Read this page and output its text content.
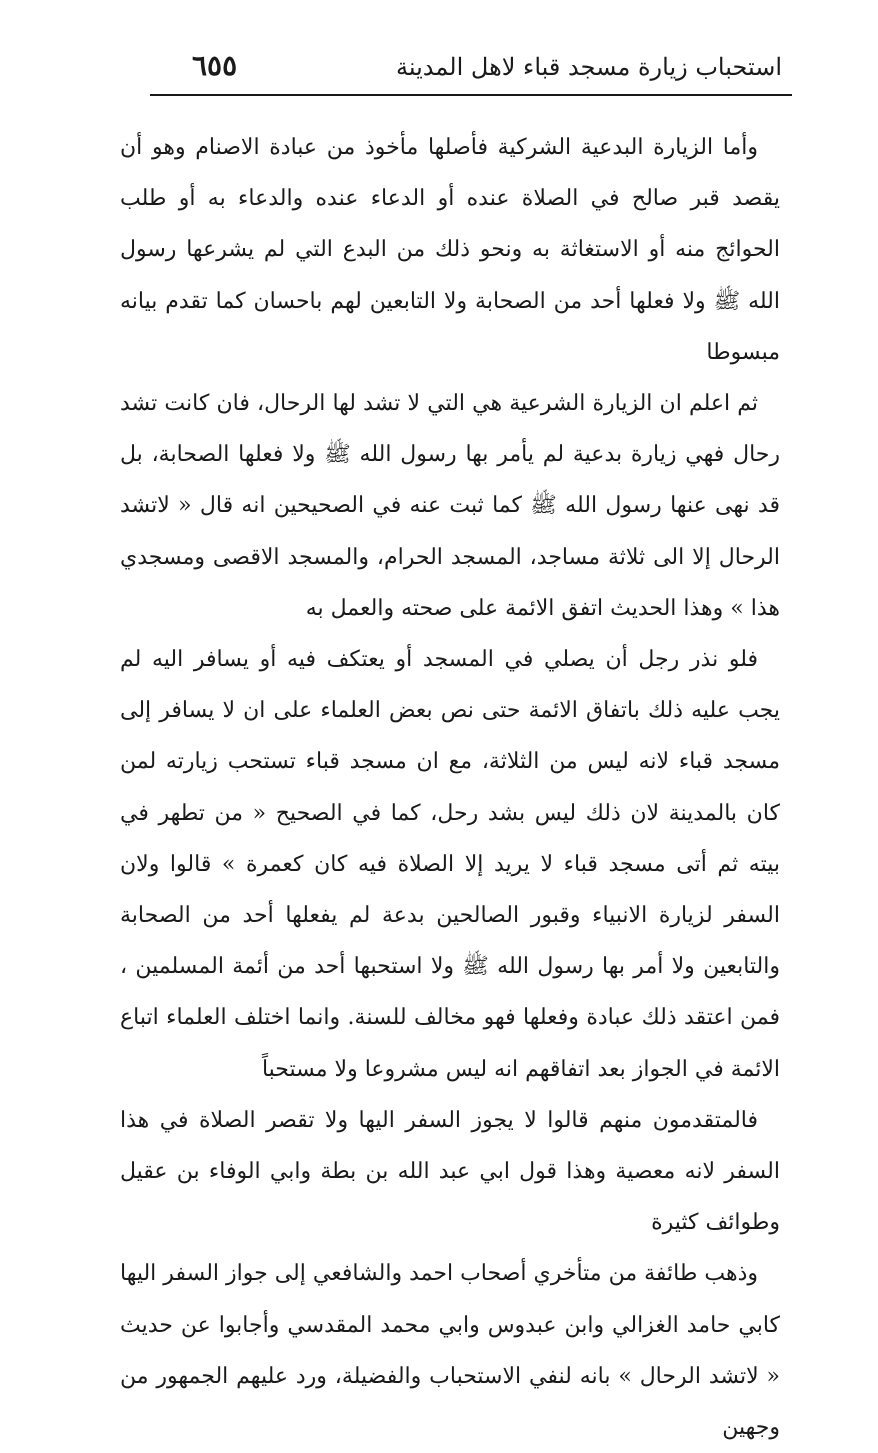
استحباب زيارة مسجد قباء لاهل المدينة
٦٥٥

وأما الزيارة البدعية الشركية فأصلها مأخوذ من عبادة الاصنام وهو أن يقصد قبر صالح في الصلاة عنده أو الدعاء عنده والدعاء به أو طلب الحوائج منه أو الاستغاثة به ونحو ذلك من البدع التي لم يشرعها رسول الله ﷺ ولا فعلها أحد من الصحابة ولا التابعين لهم باحسان كما تقدم بيانه مبسوطا

ثم اعلم ان الزيارة الشرعية هي التي لا تشد لها الرحال، فان كانت تشد رحال فهي زيارة بدعية لم يأمر بها رسول الله ﷺ ولا فعلها الصحابة، بل قد نهى عنها رسول الله ﷺ كما ثبت عنه في الصحيحين انه قال « لاتشد الرحال إلا الى ثلاثة مساجد، المسجد الحرام، والمسجد الاقصى ومسجدي هذا » وهذا الحديث اتفق الائمة على صحته والعمل به

فلو نذر رجل أن يصلي في المسجد أو يعتكف فيه أو يسافر اليه لم يجب عليه ذلك باتفاق الائمة حتى نص بعض العلماء على ان لا يسافر إلى مسجد قباء لانه ليس من الثلاثة، مع ان مسجد قباء تستحب زيارته لمن كان بالمدينة لان ذلك ليس بشد رحل، كما في الصحيح « من تطهر في بيته ثم أتى مسجد قباء لا يريد إلا الصلاة فيه كان كعمرة » قالوا ولان السفر لزيارة الانبياء وقبور الصالحين بدعة لم يفعلها أحد من الصحابة والتابعين ولا أمر بها رسول الله ﷺ ولا استحبها أحد من أئمة المسلمين ، فمن اعتقد ذلك عبادة وفعلها فهو مخالف للسنة. وانما اختلف العلماء اتباع الائمة في الجواز بعد اتفاقهم انه ليس مشروعا ولا مستحباً

فالمتقدمون منهم قالوا لا يجوز السفر اليها ولا تقصر الصلاة في هذا السفر لانه معصية وهذا قول ابي عبد الله بن بطة وابي الوفاء بن عقيل وطوائف كثيرة

وذهب طائفة من متأخري أصحاب احمد والشافعي إلى جواز السفر اليها كابي حامد الغزالي وابن عبدوس وابي محمد المقدسي وأجابوا عن حديث « لاتشد الرحال » بانه لنفي الاستحباب والفضيلة، ورد عليهم الجمهور من وجهين
